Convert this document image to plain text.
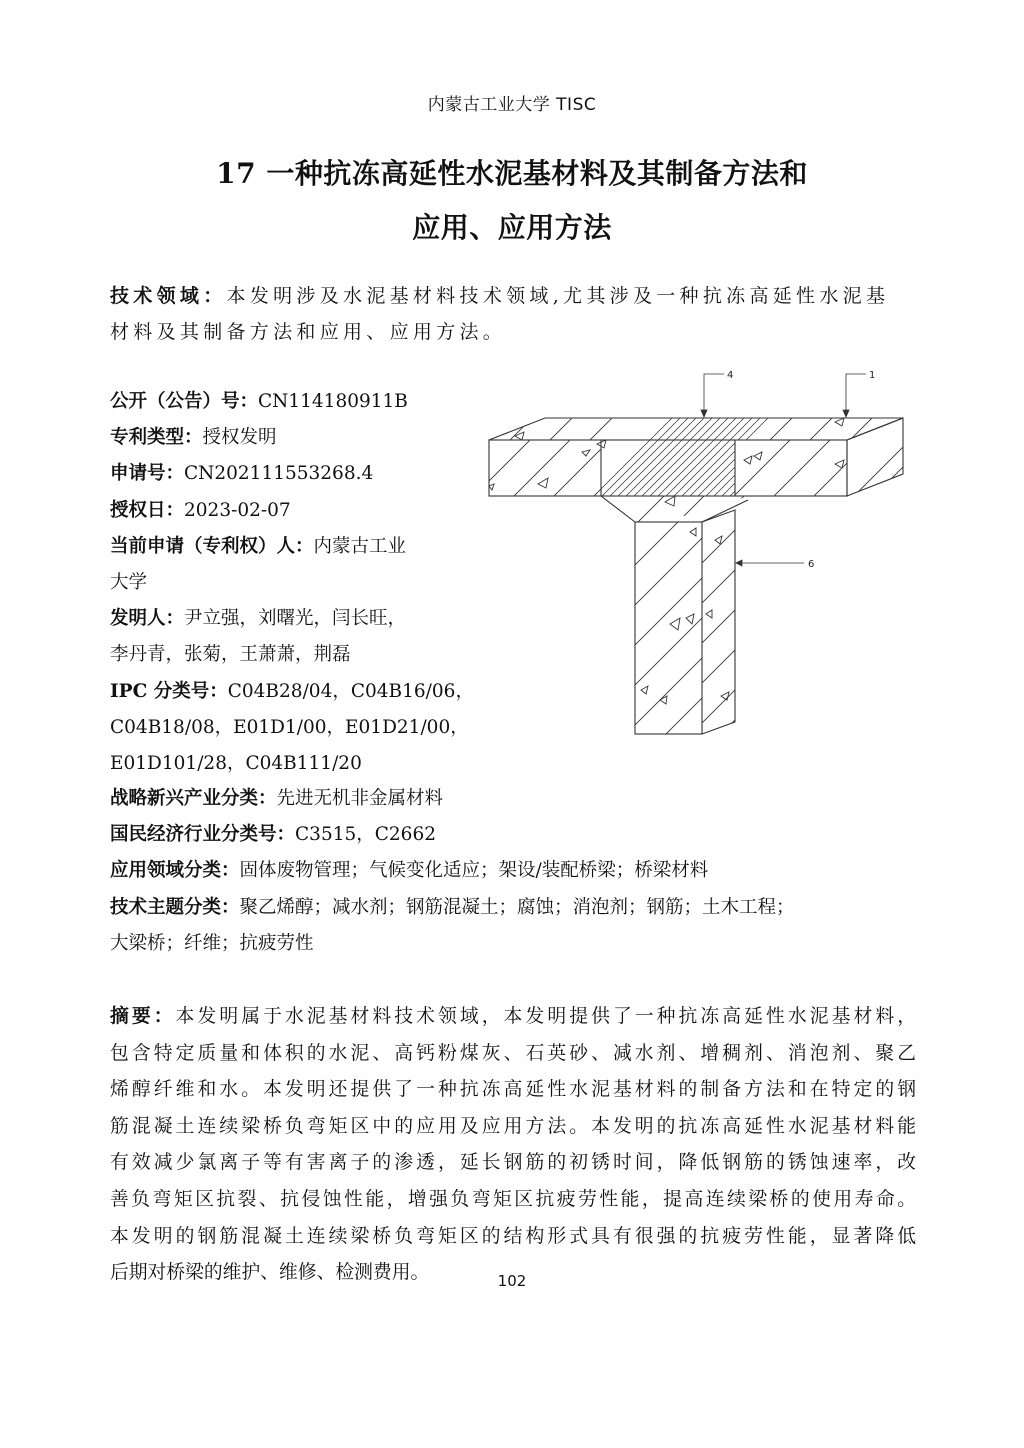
内蒙古工业大学 TISC
17 一种抗冻高延性水泥基材料及其制备方法和
应用、应用方法
技术领域：本发明涉及水泥基材料技术领域,尤其涉及一种抗冻高延性水泥基
材料及其制备方法和应用、应用方法。
公开（公告）号：CN114180911B
专利类型：授权发明
申请号：CN202111553268.4
授权日：2023-02-07
当前申请（专利权）人：内蒙古工业
大学
发明人：尹立强，刘曙光，闫长旺，
李丹青，张菊，王萧萧，荆磊
IPC 分类号：C04B28/04，C04B16/06，
C04B18/08，E01D1/00，E01D21/00，
E01D101/28，C04B111/20
战略新兴产业分类：先进无机非金属材料
国民经济行业分类号：C3515，C2662
应用领域分类：固体废物管理；气候变化适应；架设/装配桥梁；桥梁材料
技术主题分类：聚乙烯醇；减水剂；钢筋混凝土；腐蚀；消泡剂；钢筋；土木工程；
大梁桥；纤维；抗疲劳性
摘要：本发明属于水泥基材料技术领域，本发明提供了一种抗冻高延性水泥基材料，
包含特定质量和体积的水泥、高钙粉煤灰、石英砂、减水剂、增稠剂、消泡剂、聚乙
烯醇纤维和水。本发明还提供了一种抗冻高延性水泥基材料的制备方法和在特定的钢
筋混凝土连续梁桥负弯矩区中的应用及应用方法。本发明的抗冻高延性水泥基材料能
有效减少氯离子等有害离子的渗透，延长钢筋的初锈时间，降低钢筋的锈蚀速率，改
善负弯矩区抗裂、抗侵蚀性能，增强负弯矩区抗疲劳性能，提高连续梁桥的使用寿命。
本发明的钢筋混凝土连续梁桥负弯矩区的结构形式具有很强的抗疲劳性能，显著降低
后期对桥梁的维护、维修、检测费用。
4	1
6
102
